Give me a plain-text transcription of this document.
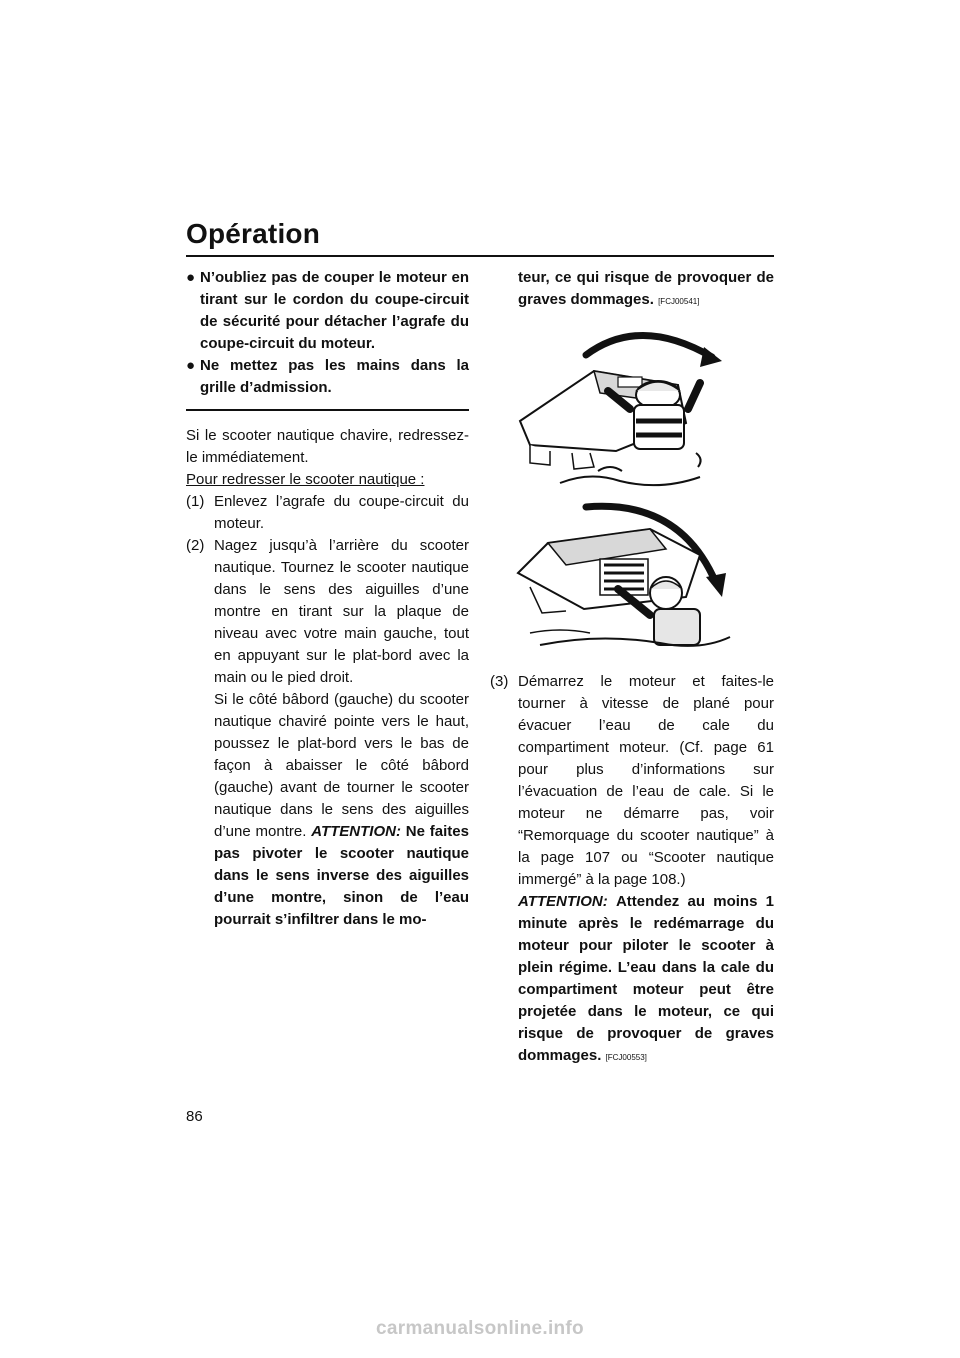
Opération
● N’oubliez pas de couper le moteur en tirant sur le cordon du coupe-circuit de sécurité pour détacher l’agrafe du coupe-circuit du moteur.
● Ne mettez pas les mains dans la grille d’admission.
Si le scooter nautique chavire, redressez-le immédiatement.
Pour redresser le scooter nautique :
(1) Enlevez l’agrafe du coupe-circuit du moteur.
(2) Nagez jusqu’à l’arrière du scooter nautique. Tournez le scooter nautique dans le sens des aiguilles d’une montre en tirant sur la plaque de niveau avec votre main gauche, tout en appuyant sur le plat-bord avec la main ou le pied droit.
Si le côté bâbord (gauche) du scooter nautique chaviré pointe vers le haut, poussez le plat-bord vers le bas de façon à abaisser le côté bâbord (gauche) avant de tourner le scooter nautique dans le sens des aiguilles d’une montre. ATTENTION: Ne faites pas pivoter le scooter nautique dans le sens inverse des aiguilles d’une montre, sinon de l’eau pourrait s’infiltrer dans le mo-
teur, ce qui risque de provoquer de graves dommages. [FCJ00541]
(3) Démarrez le moteur et faites-le tourner à vitesse de plané pour évacuer l’eau de cale du compartiment moteur. (Cf. page 61 pour plus d’informations sur l’évacuation de l’eau de cale. Si le moteur ne démarre pas, voir “Remorquage du scooter nautique” à la page 107 ou “Scooter nautique immergé” à la page 108.)
ATTENTION: Attendez au moins 1 minute après le redémarrage du moteur pour piloter le scooter à plein régime. L’eau dans la cale du compartiment moteur peut être projetée dans le moteur, ce qui risque de provoquer de graves dommages. [FCJ00553]
86
carmanualsonline.info
